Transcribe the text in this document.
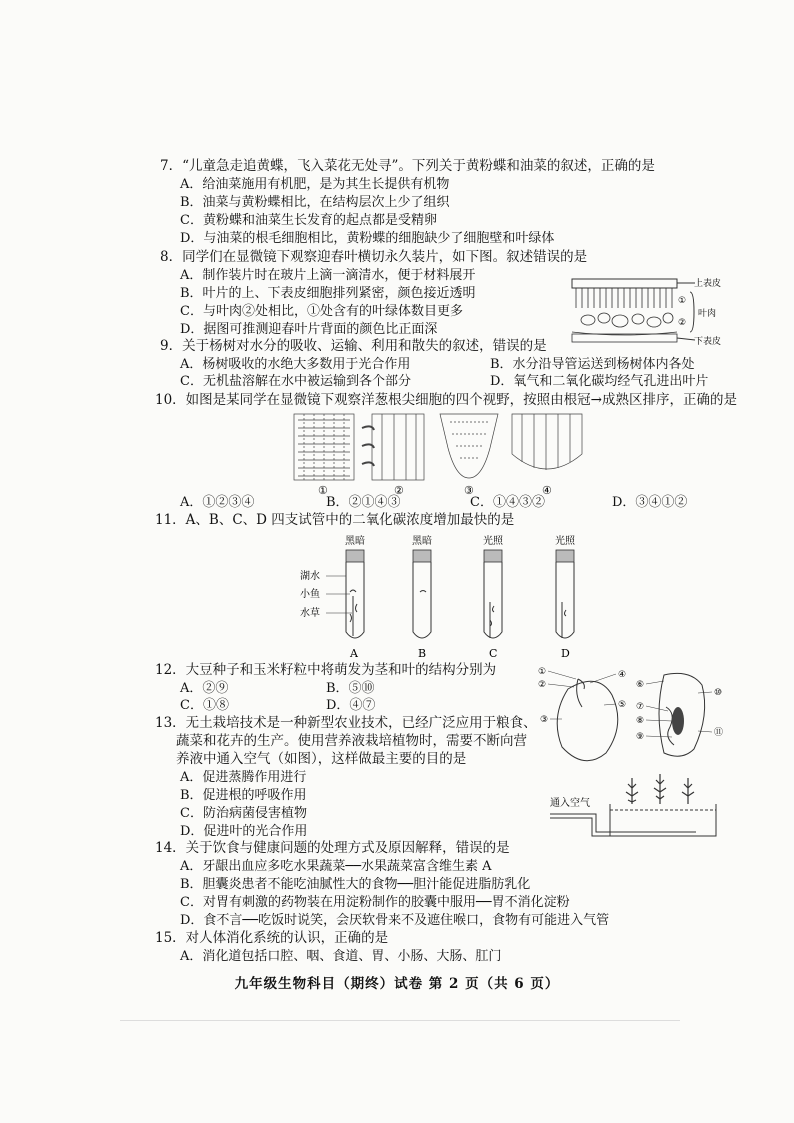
7．“儿童急走追黄蝶，飞入菜花无处寻”。下列关于黄粉蝶和油菜的叙述，正确的是
A．给油菜施用有机肥，是为其生长提供有机物
B．油菜与黄粉蝶相比，在结构层次上少了组织
C．黄粉蝶和油菜生长发育的起点都是受精卵
D．与油菜的根毛细胞相比，黄粉蝶的细胞缺少了细胞壁和叶绿体
8．同学们在显微镜下观察迎春叶横切永久装片，如下图。叙述错误的是
A．制作装片时在玻片上滴一滴清水，便于材料展开
B．叶片的上、下表皮细胞排列紧密，颜色接近透明
C．与叶肉②处相比，①处含有的叶绿体数目更多
D．据图可推测迎春叶片背面的颜色比正面深
①
②
上表皮
叶肉
下表皮
9．关于杨树对水分的吸收、运输、利用和散失的叙述，错误的是
A．杨树吸收的水绝大多数用于光合作用	B．水分沿导管运送到杨树体内各处
C．无机盐溶解在水中被运输到各个部分	D．氧气和二氧化碳均经气孔进出叶片
10．如图是某同学在显微镜下观察洋葱根尖细胞的四个视野，按照由根冠→成熟区排序，正确的是
①	②	③	④
A．①②③④	B．②①④③	C．①④③②	D．③④①②
11．A、B、C、D 四支试管中的二氧化碳浓度增加最快的是
黑暗	黑暗	光照	光照
湖水
小鱼
水草
A	B	C	D
12．大豆种子和玉米籽粒中将萌发为茎和叶的结构分别为
A．②⑨	B．⑤⑩
C．①⑧	D．④⑦
①
②
③
④
⑤
⑥
⑦
⑧
⑨
⑩
⑪
13．无土栽培技术是一种新型农业技术，已经广泛应用于粮食、
蔬菜和花卉的生产。使用营养液栽培植物时，需要不断向营
养液中通入空气（如图），这样做最主要的目的是
A．促进蒸腾作用进行
B．促进根的呼吸作用
C．防治病菌侵害植物
D．促进叶的光合作用
通入空气
14．关于饮食与健康问题的处理方式及原因解释，错误的是
A．牙龈出血应多吃水果蔬菜──水果蔬菜富含维生素 A
B．胆囊炎患者不能吃油腻性大的食物──胆汁能促进脂肪乳化
C．对胃有刺激的药物装在用淀粉制作的胶囊中服用──胃不消化淀粉
D．食不言──吃饭时说笑，会厌软骨来不及遮住喉口，食物有可能进入气管
15．对人体消化系统的认识，正确的是
A．消化道包括口腔、咽、食道、胃、小肠、大肠、肛门
九年级生物科目（期终）试卷 第 2 页（共 6 页）
